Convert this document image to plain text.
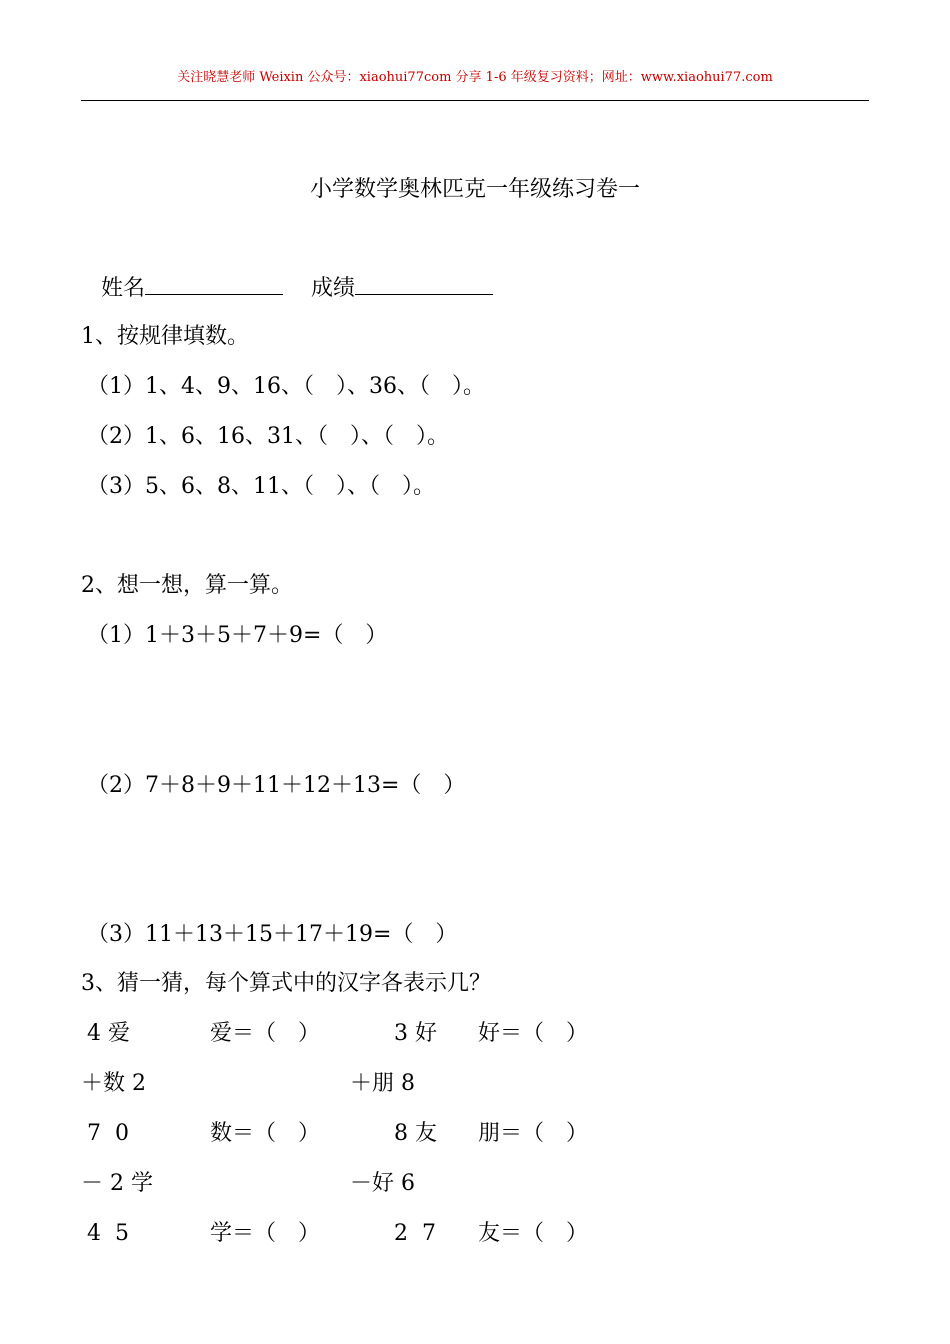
关注晓慧老师 Weixin 公众号：xiaohui77com 分享 1-6 年级复习资料；网址：www.xiaohui77.com
小学数学奥林匹克一年级练习卷一
姓名	成绩
1、按规律填数。
（1）1、4、9、16、（　）、36、（　）。
（2）1、6、16、31、（　）、（　）。
（3）5、6、8、11、（　）、（　）。
2、想一想，算一算。
（1）1＋3＋5＋7＋9=（　）
（2）7＋8＋9＋11＋12＋13=（　）
（3）11＋13＋15＋17＋19=（　）
3、猜一猜，每个算式中的汉字各表示几？
4 爱
＋数 2
7  0
－ 2 学
4  5
爱＝（　）
数＝（　）
学＝（　）
3 好
＋朋 8
8 友
－好 6
2  7
好＝（　）
朋＝（　）
友＝（　）
